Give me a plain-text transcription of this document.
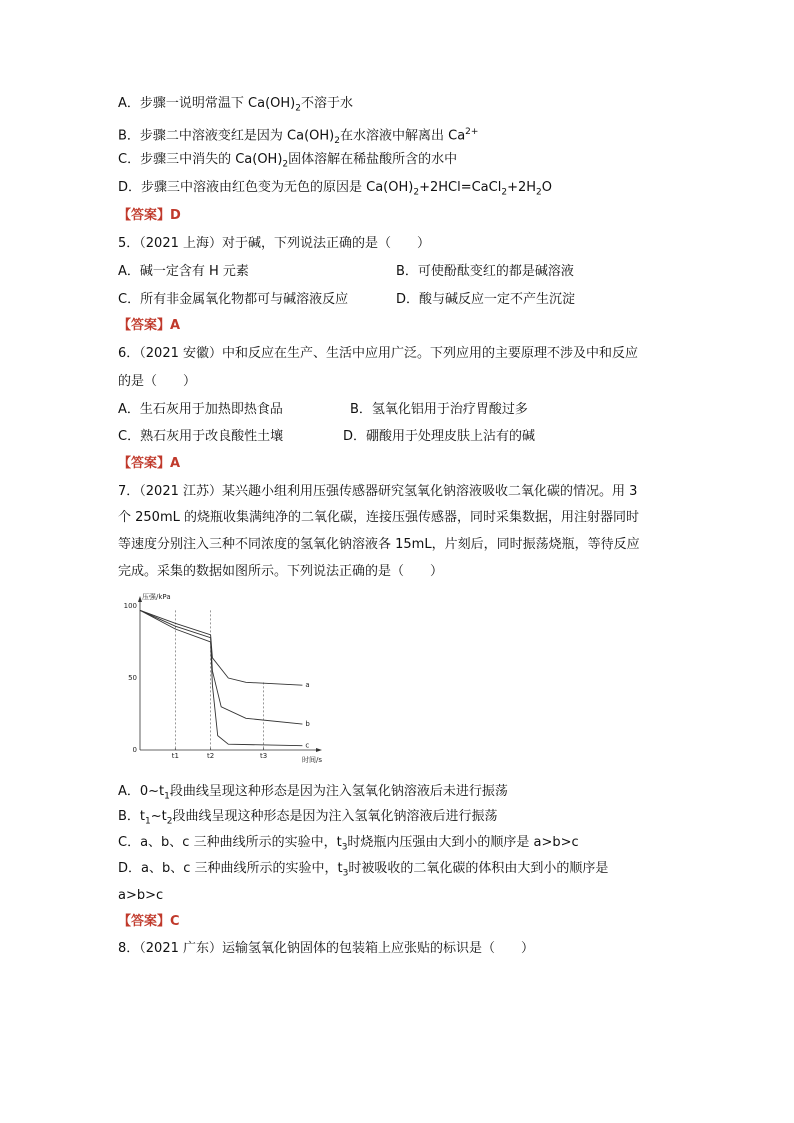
A．步骤一说明常温下 $Ca(OH)_2$不溶于水
B．步骤二中溶液变红是因为 $Ca(OH)_2$在水溶液中解离出 $Ca^{2+}$
C．步骤三中消失的 $Ca(OH)_2$固体溶解在稀盐酸所含的水中
D．步骤三中溶液由红色变为无色的原因是 $Ca(OH)_2+2HCl=CaCl_2+2H_2O$
【答案】D
5．（2021 上海）对于碱，下列说法正确的是（　　）
A．碱一定含有 H 元素	B．可使酚酞变红的都是碱溶液
C．所有非金属氧化物都可与碱溶液反应	D．酸与碱反应一定不产生沉淀
【答案】A
6．（2021 安徽）中和反应在生产、生活中应用广泛。下列应用的主要原理不涉及中和反应
的是（　　）
A．生石灰用于加热即热食品	B．氢氧化铝用于治疗胃酸过多
C．熟石灰用于改良酸性土壤	D．硼酸用于处理皮肤上沾有的碱
【答案】A
7．（2021 江苏）某兴趣小组利用压强传感器研究氢氧化钠溶液吸收二氧化碳的情况。用 3
个 250mL 的烧瓶收集满纯净的二氧化碳，连接压强传感器，同时采集数据，用注射器同时
等速度分别注入三种不同浓度的氢氧化钠溶液各 15mL，片刻后，同时振荡烧瓶，等待反应
完成。采集的数据如图所示。下列说法正确的是（　　）
压强/kPa
时间/s
100
50
0
t1	t2	t3
a
b
c
A．$0\sim t_1$段曲线呈现这种形态是因为注入氢氧化钠溶液后未进行振荡
B．$t_1\sim t_2$段曲线呈现这种形态是因为注入氢氧化钠溶液后进行振荡
C．a、b、c 三种曲线所示的实验中，$t_3$时烧瓶内压强由大到小的顺序是 a>b>c
D．a、b、c 三种曲线所示的实验中，$t_3$时被吸收的二氧化碳的体积由大到小的顺序是
a>b>c
【答案】C
8．（2021 广东）运输氢氧化钠固体的包装箱上应张贴的标识是（　　）
